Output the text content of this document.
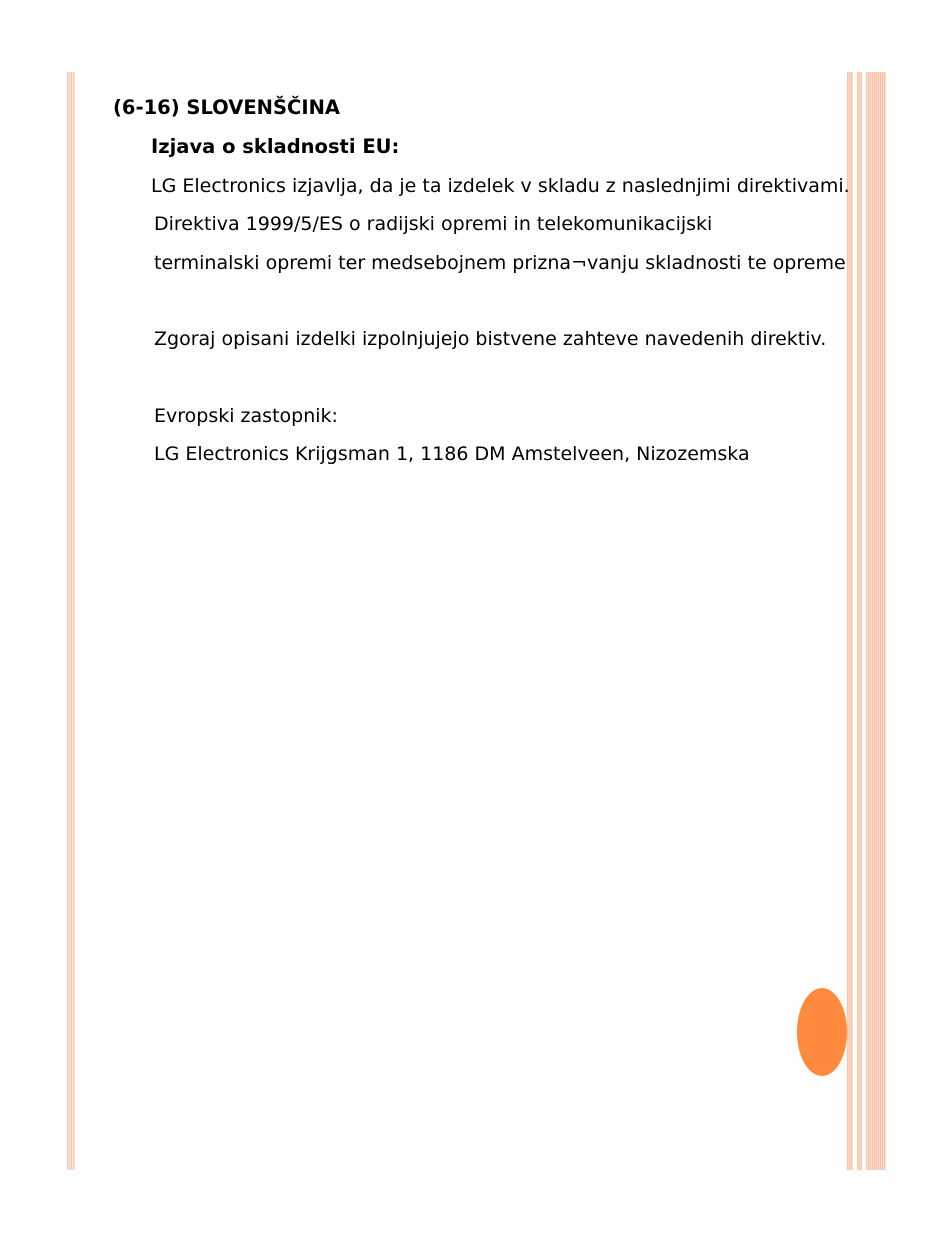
(6-16) SLOVENŠČINA
Izjava o skladnosti EU:
LG Electronics izjavlja, da je ta izdelek v skladu z naslednjimi direktivami.
Direktiva 1999/5/ES o radijski opremi in telekomunikacijski
terminalski opremi ter medsebojnem prizna¬vanju skladnosti te opreme
Zgoraj opisani izdelki izpolnjujejo bistvene zahteve navedenih direktiv.
Evropski zastopnik:
LG Electronics Krijgsman 1, 1186 DM Amstelveen, Nizozemska
